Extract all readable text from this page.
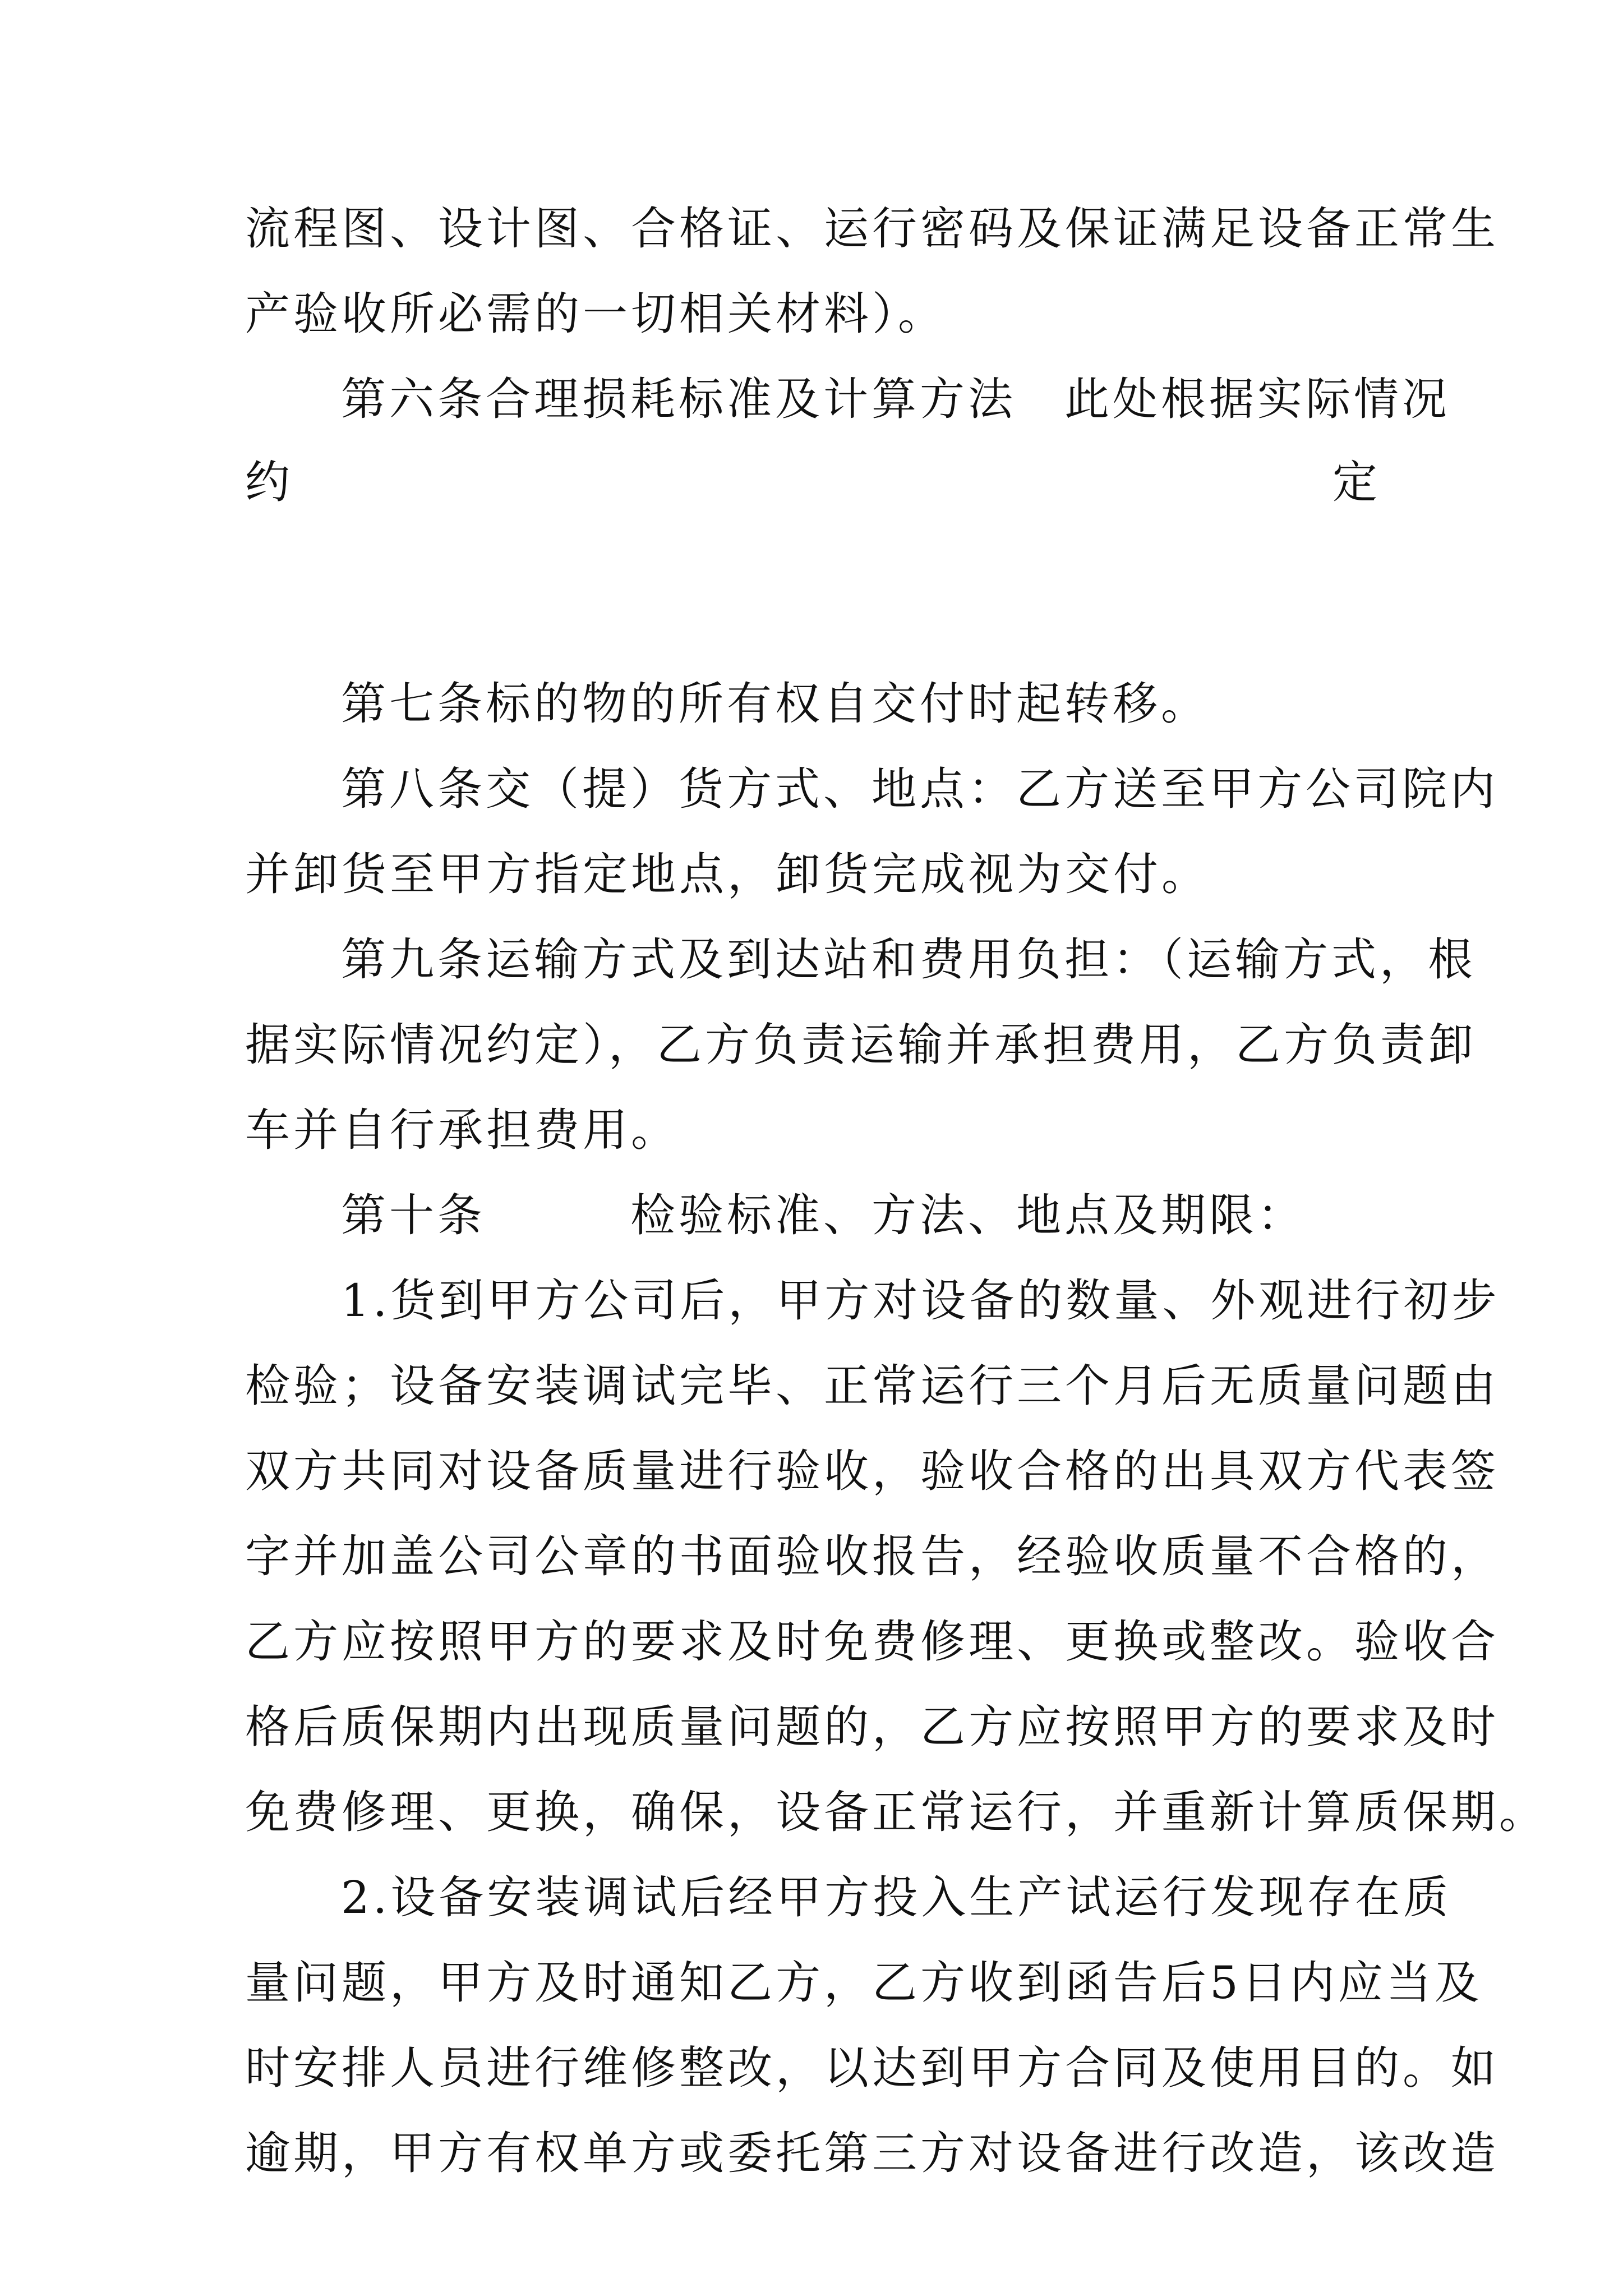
流程图、设计图、合格证、运行密码及保证满足设备正常生

产验收所必需的一切相关材料）。

第六条合理损耗标准及计算方法　此处根据实际情况

约	定

第七条标的物的所有权自交付时起转移。

第八条交（提）货方式、地点：乙方送至甲方公司院内

并卸货至甲方指定地点，卸货完成视为交付。

第九条运输方式及到达站和费用负担：（运输方式，根

据实际情况约定），乙方负责运输并承担费用，乙方负责卸

车并自行承担费用。

第十条　　　检验标准、方法、地点及期限：

1.货到甲方公司后，甲方对设备的数量、外观进行初步

检验；设备安装调试完毕、正常运行三个月后无质量问题由

双方共同对设备质量进行验收，验收合格的出具双方代表签

字并加盖公司公章的书面验收报告，经验收质量不合格的，

乙方应按照甲方的要求及时免费修理、更换或整改。验收合

格后质保期内出现质量问题的，乙方应按照甲方的要求及时

免费修理、更换，确保，设备正常运行，并重新计算质保期。

2.设备安装调试后经甲方投入生产试运行发现存在质

量问题，甲方及时通知乙方，乙方收到函告后5日内应当及

时安排人员进行维修整改，以达到甲方合同及使用目的。如

逾期，甲方有权单方或委托第三方对设备进行改造，该改造
